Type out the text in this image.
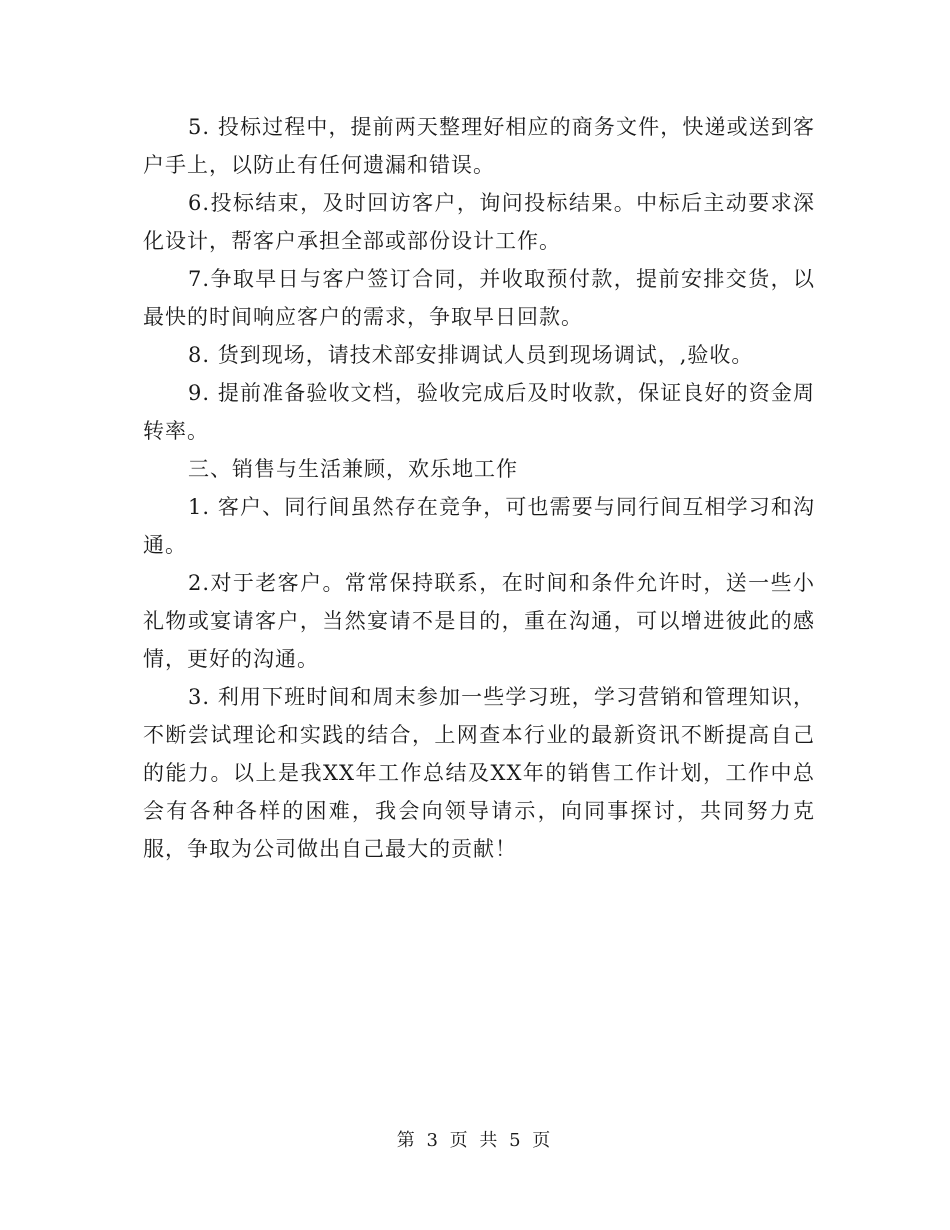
5. 投标过程中，提前两天整理好相应的商务文件，快递或送到客户手上，以防止有任何遗漏和错误。

6.投标结束，及时回访客户，询问投标结果。中标后主动要求深化设计，帮客户承担全部或部份设计工作。

7.争取早日与客户签订合同，并收取预付款，提前安排交货，以最快的时间响应客户的需求，争取早日回款。

8. 货到现场，请技术部安排调试人员到现场调试，,验收。

9. 提前准备验收文档，验收完成后及时收款，保证良好的资金周转率。

三、销售与生活兼顾，欢乐地工作

1. 客户、同行间虽然存在竞争，可也需要与同行间互相学习和沟通。

2.对于老客户。常常保持联系，在时间和条件允许时，送一些小礼物或宴请客户，当然宴请不是目的，重在沟通，可以增进彼此的感情，更好的沟通。

3. 利用下班时间和周末参加一些学习班，学习营销和管理知识，不断尝试理论和实践的结合，上网查本行业的最新资讯不断提高自己的能力。以上是我XX年工作总结及XX年的销售工作计划，工作中总会有各种各样的困难，我会向领导请示，向同事探讨，共同努力克服，争取为公司做出自己最大的贡献！

第 3 页 共 5 页
